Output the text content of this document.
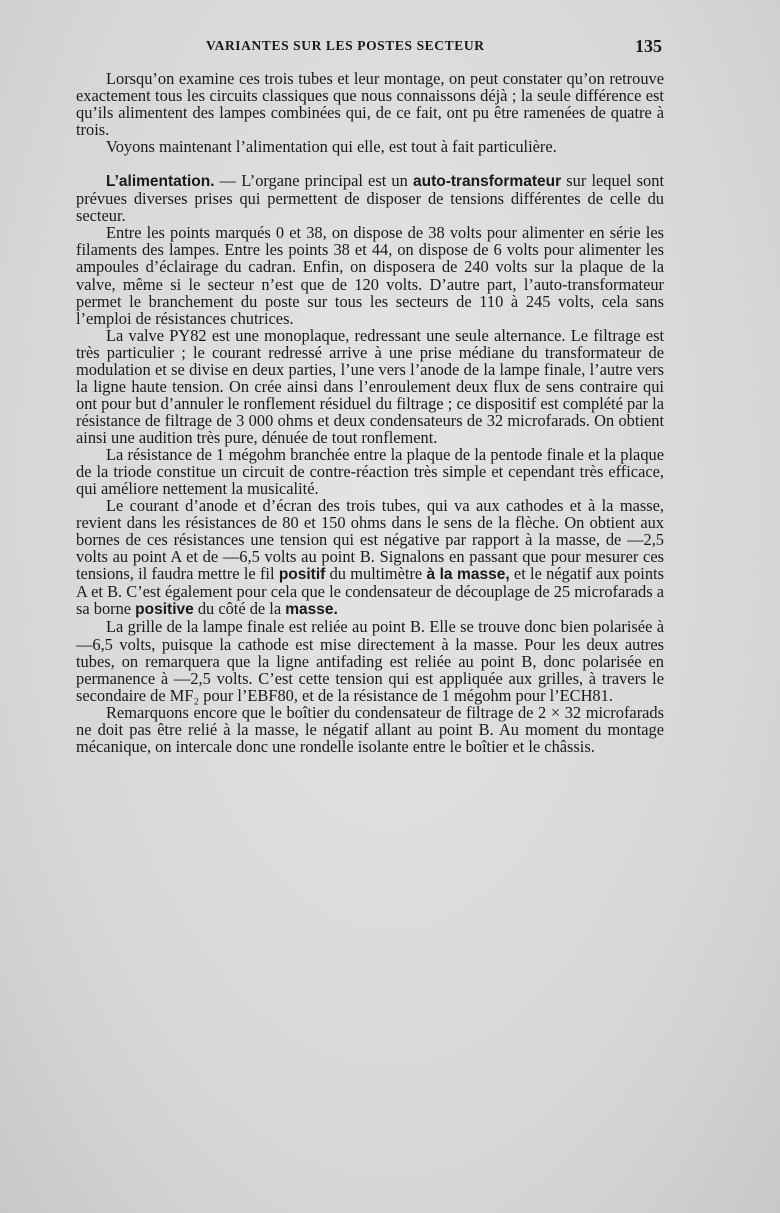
VARIANTES SUR LES POSTES SECTEUR	135

Lorsqu’on examine ces trois tubes et leur montage, on peut constater qu’on retrouve exactement tous les circuits classiques que nous connaissons déjà ; la seule différence est qu’ils alimentent des lampes combinées qui, de ce fait, ont pu être ramenées de quatre à trois.

Voyons maintenant l’alimentation qui elle, est tout à fait particulière.

L’alimentation. — L’organe principal est un auto-transformateur sur lequel sont prévues diverses prises qui permettent de disposer de tensions différentes de celle du secteur.

Entre les points marqués 0 et 38, on dispose de 38 volts pour alimenter en série les filaments des lampes. Entre les points 38 et 44, on dispose de 6 volts pour alimenter les ampoules d’éclairage du cadran. Enfin, on disposera de 240 volts sur la plaque de la valve, même si le secteur n’est que de 120 volts. D’autre part, l’auto-transformateur permet le branchement du poste sur tous les secteurs de 110 à 245 volts, cela sans l’emploi de résistances chutrices.

La valve PY82 est une monoplaque, redressant une seule alternance. Le filtrage est très particulier ; le courant redressé arrive à une prise médiane du transformateur de modulation et se divise en deux parties, l’une vers l’anode de la lampe finale, l’autre vers la ligne haute tension. On crée ainsi dans l’enroulement deux flux de sens contraire qui ont pour but d’annuler le ronflement résiduel du filtrage ; ce dispositif est complété par la résistance de filtrage de 3 000 ohms et deux condensateurs de 32 microfarads. On obtient ainsi une audition très pure, dénuée de tout ronflement.

La résistance de 1 mégohm branchée entre la plaque de la pentode finale et la plaque de la triode constitue un circuit de contre-réaction très simple et cependant très efficace, qui améliore nettement la musicalité.

Le courant d’anode et d’écran des trois tubes, qui va aux cathodes et à la masse, revient dans les résistances de 80 et 150 ohms dans le sens de la flèche. On obtient aux bornes de ces résistances une tension qui est négative par rapport à la masse, de —2,5 volts au point A et de —6,5 volts au point B. Signalons en passant que pour mesurer ces tensions, il faudra mettre le fil positif du multimètre à la masse, et le négatif aux points A et B. C’est également pour cela que le condensateur de découplage de 25 microfarads a sa borne positive du côté de la masse.

La grille de la lampe finale est reliée au point B. Elle se trouve donc bien polarisée à —6,5 volts, puisque la cathode est mise directement à la masse. Pour les deux autres tubes, on remarquera que la ligne antifading est reliée au point B, donc polarisée en permanence à —2,5 volts. C’est cette tension qui est appliquée aux grilles, à travers le secondaire de MF₂ pour l’EBF80, et de la résistance de 1 mégohm pour l’ECH81.

Remarquons encore que le boîtier du condensateur de filtrage de 2 × 32 microfarads ne doit pas être relié à la masse, le négatif allant au point B. Au moment du montage mécanique, on intercale donc une rondelle isolante entre le boîtier et le châssis.
